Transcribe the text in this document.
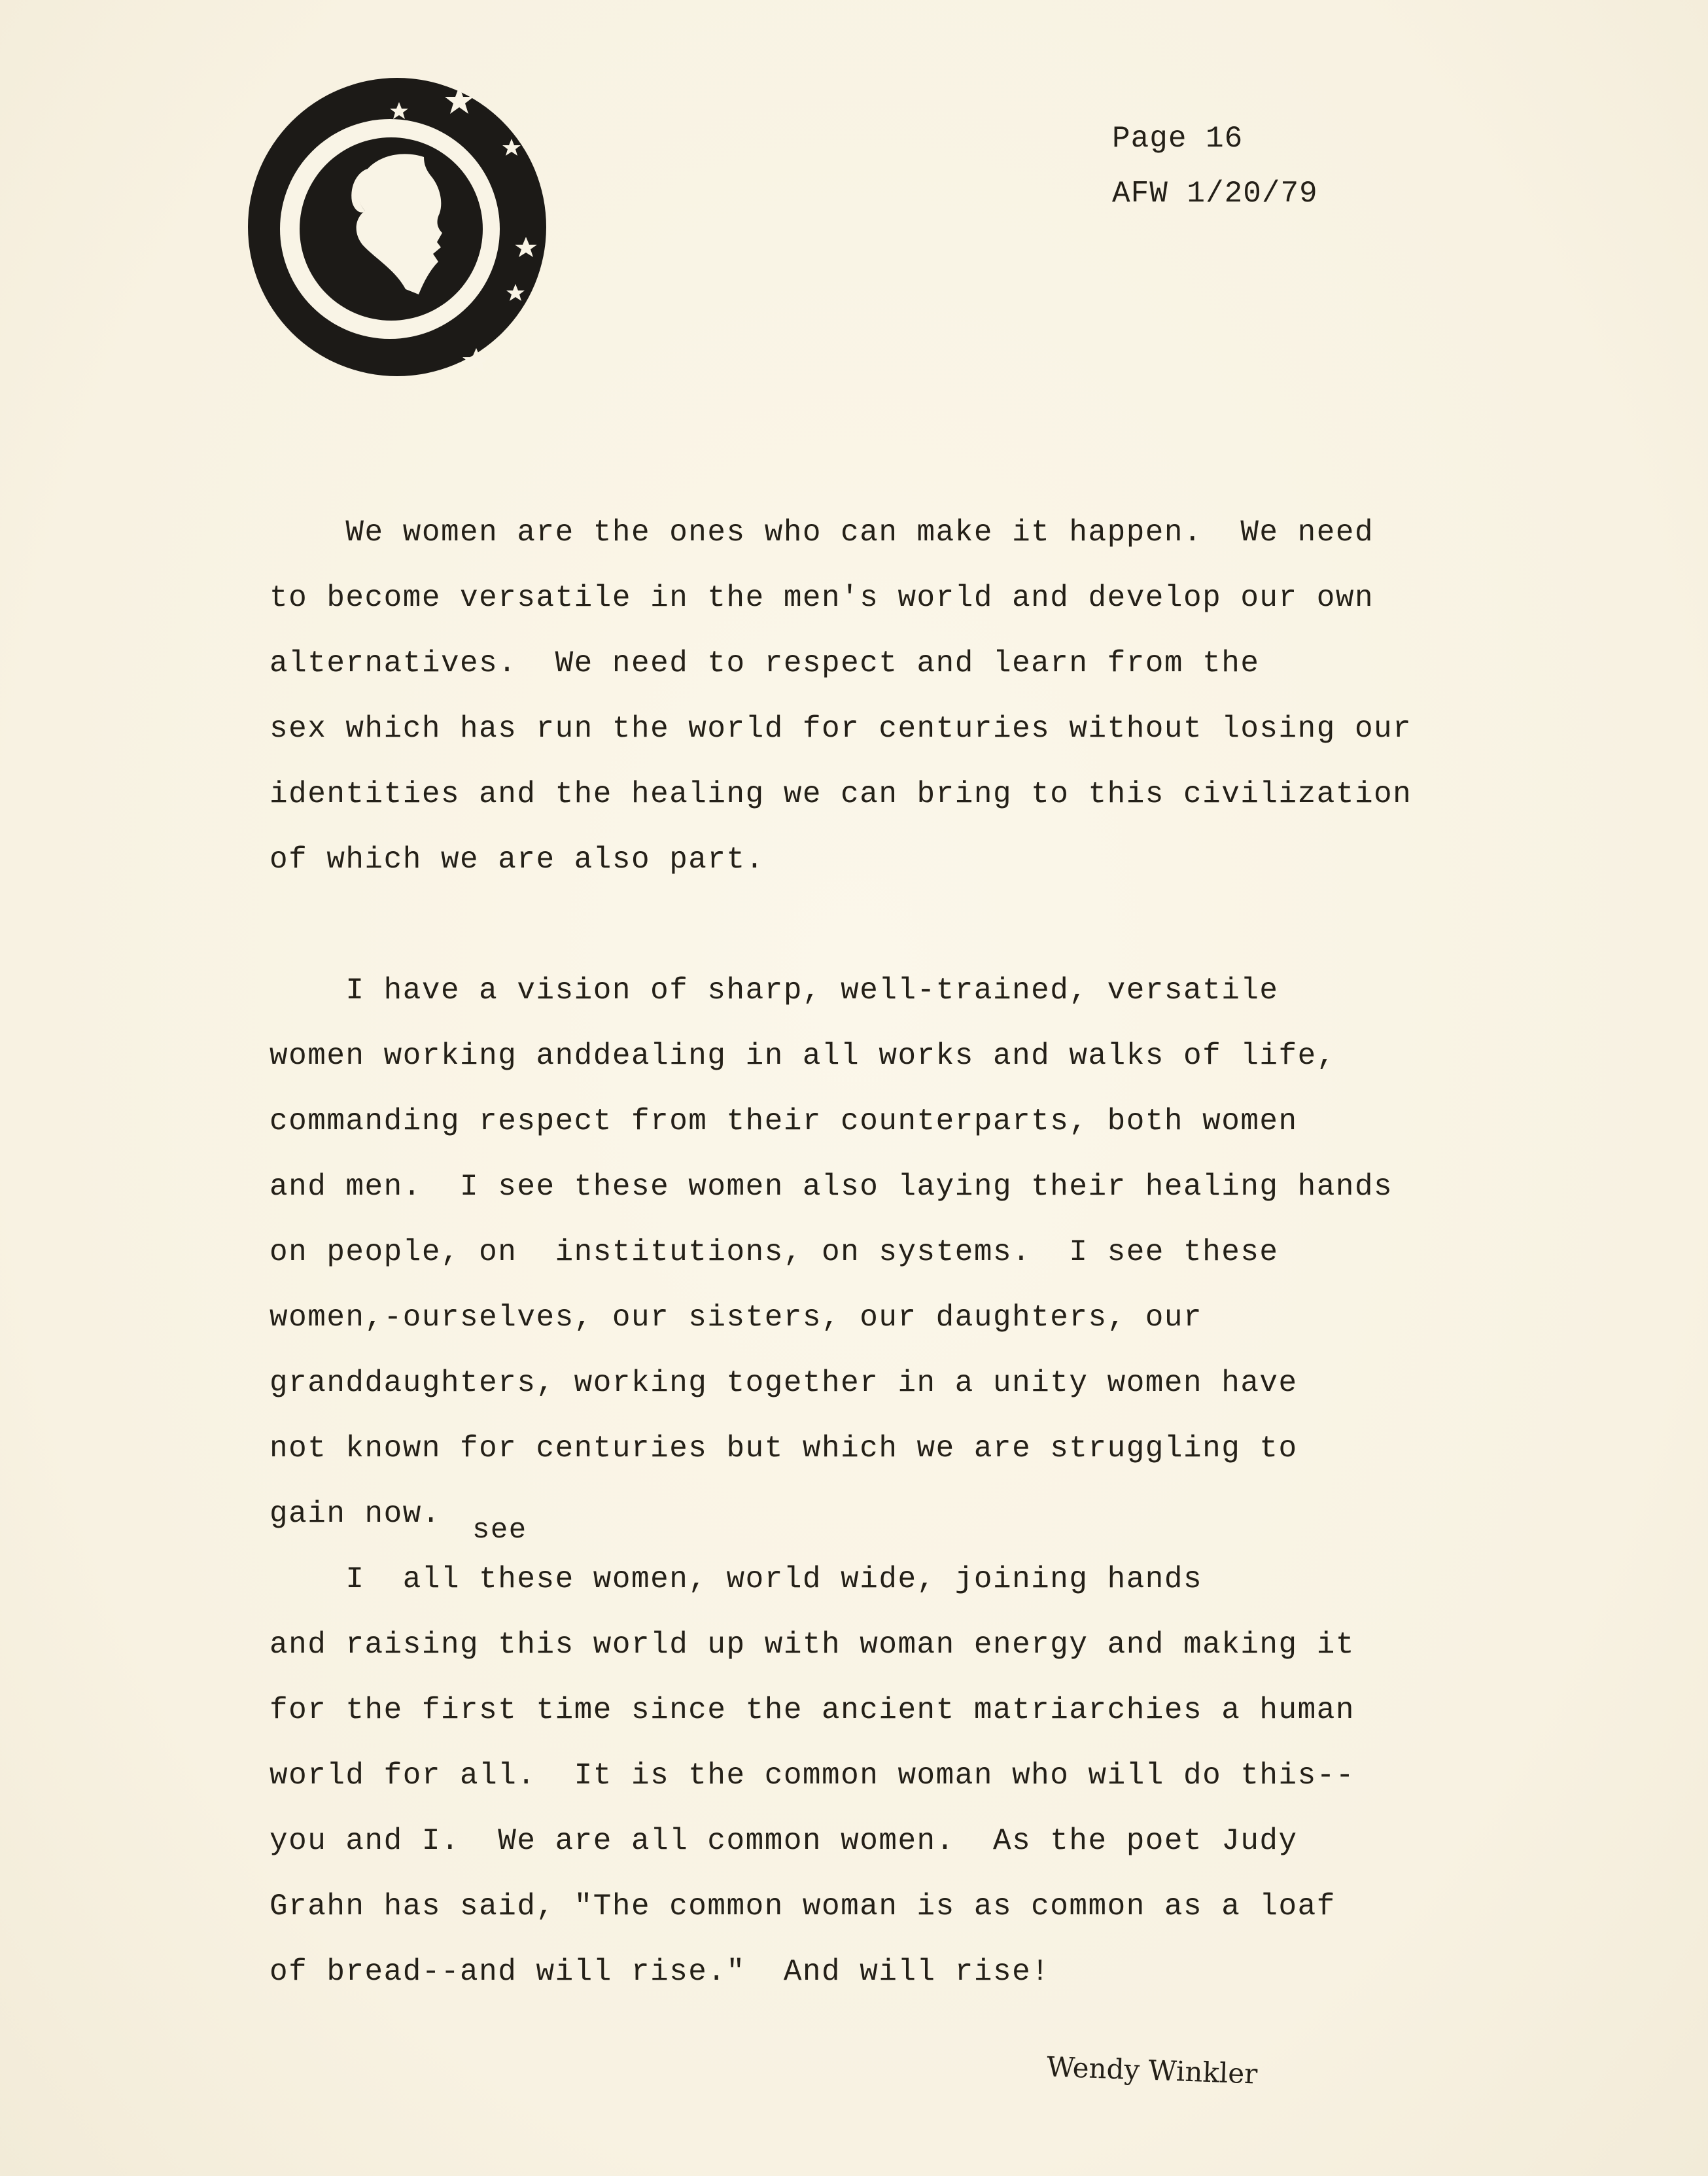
Page 16
AFW 1/20/79
We women are the ones who can make it happen.  We need
to become versatile in the men's world and develop our own
alternatives.  We need to respect and learn from the
sex which has run the world for centuries without losing our
identities and the healing we can bring to this civilization
of which we are also part.
I have a vision of sharp, well-trained, versatile
women working anddealing in all works and walks of life,
commanding respect from their counterparts, both women
and men.  I see these women also laying their healing hands
on people, on  institutions, on systems.  I see these
women,-ourselves, our sisters, our daughters, our
granddaughters, working together in a unity women have
not known for centuries but which we are struggling to
gain now.	see
I  all these women, world wide, joining hands
and raising this world up with woman energy and making it
for the first time since the ancient matriarchies a human
world for all.  It is the common woman who will do this--
you and I.  We are all common women.  As the poet Judy
Grahn has said, "The common woman is as common as a loaf
of bread--and will rise."  And will rise!
Wendy Winkler
